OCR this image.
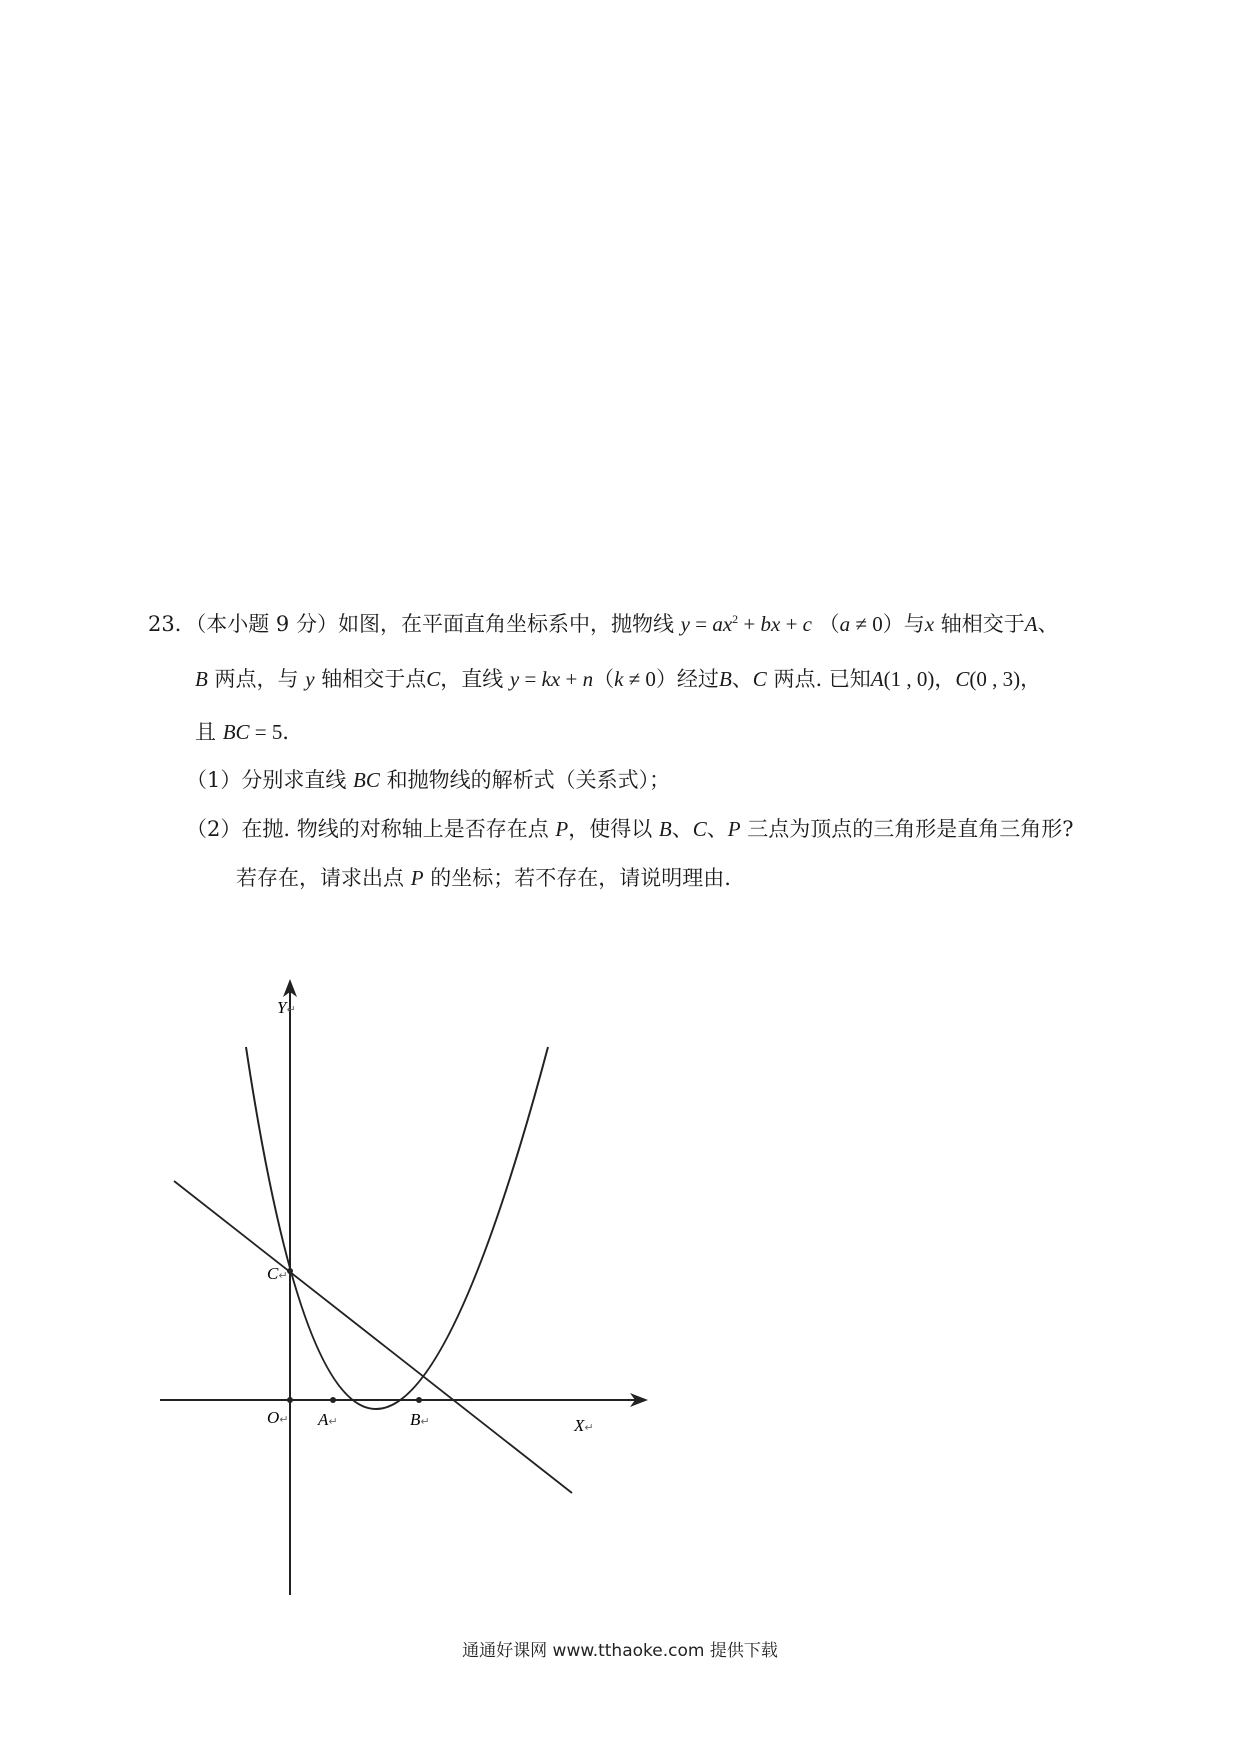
23．（本小题 9 分）如图，在平面直角坐标系中，抛物线 $y = ax^2$ + bx + c （a ≠ 0）与x 轴相交于A、
B 两点，与 y 轴相交于点C，直线 y = kx + n（k ≠ 0）经过B、C 两点. 已知A(1 , 0)，C(0 , 3)，
且 BC = 5．
（1）分别求直线 BC 和抛物线的解析式（关系式）；
（2）在抛. 物线的对称轴上是否存在点 P，使得以 B、C、P 三点为顶点的三角形是直角三角形?
若存在，请求出点 P 的坐标；若不存在，请说明理由.
Y↵
X↵
C↵
O↵ A↵	B↵
通通好课网 www.tthaoke.com 提供下载
